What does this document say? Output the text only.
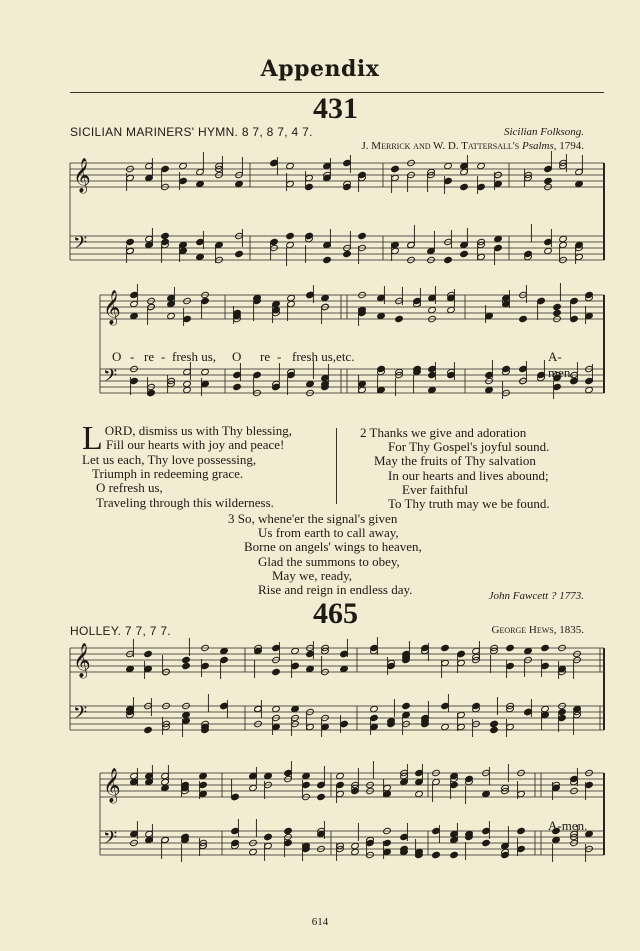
Appendix
431
SICILIAN MARINERS' HYMN. 8 7, 8 7, 4 7.	Sicilian Folksong.
J. Merrick and W. D. Tattersall's Psalms, 1794.
𝄞
𝄢
𝄞
𝄢
𝄞
𝄢
𝄞
𝄢
O - re - fresh us, O re - fresh us,etc.	A-men.
LORD, dismiss us with Thy blessing,
Fill our hearts with joy and peace!
Let us each, Thy love possessing,
Triumph in redeeming grace.
O refresh us,
Traveling through this wilderness.
2 Thanks we give and adoration
For Thy Gospel's joyful sound.
May the fruits of Thy salvation
In our hearts and lives abound;
Ever faithful
To Thy truth may we be found.
3 So, whene'er the signal's given
Us from earth to call away,
Borne on angels' wings to heaven,
Glad the summons to obey,
May we, ready,
Rise and reign in endless day.	John Fawcett ? 1773.
465
HOLLEY. 7 7, 7 7.	George Hews, 1835.
A-men.
614
